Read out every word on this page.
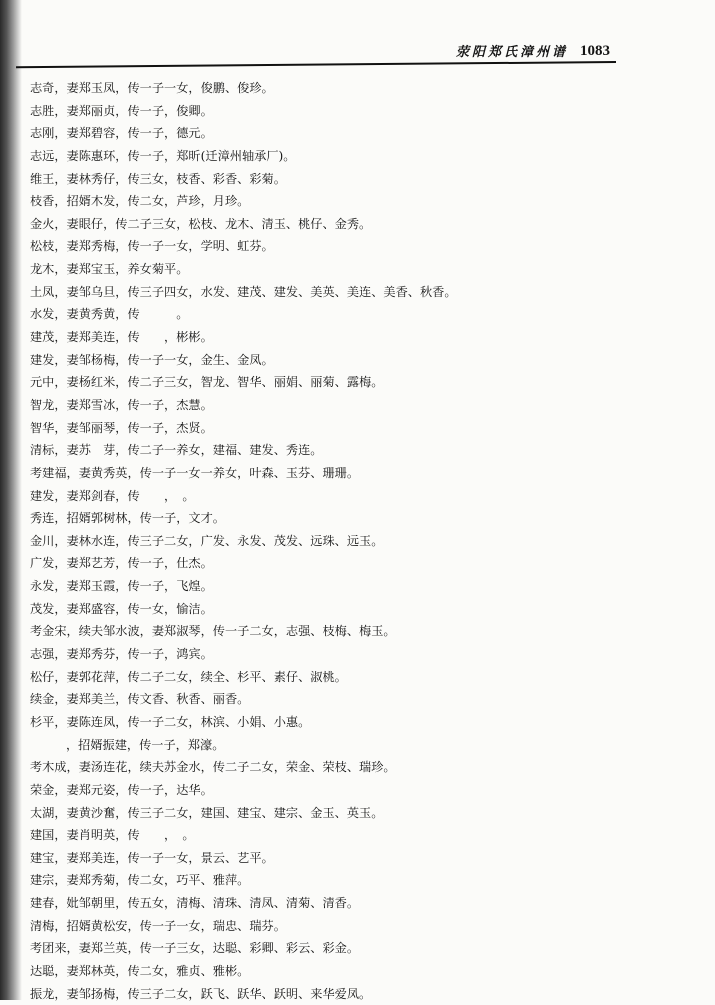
荥阳郑氏漳州谱 1083
志奇，妻郑玉凤，传一子一女，俊鹏、俊珍。
志胜，妻郑丽贞，传一子，俊卿。
志刚，妻郑碧容，传一子，德元。
志远，妻陈惠环，传一子，郑昕(迁漳州轴承厂)。
维王，妻林秀仔，传三女，枝香、彩香、彩菊。
枝香，招婿木发，传二女，芦珍，月珍。
金火，妻眼仔，传二子三女，松枝、龙木、清玉、桃仔、金秀。
松枝，妻郑秀梅，传一子一女，学明、虹芬。
龙木，妻郑宝玉，养女菊平。
土凤，妻邹乌旦，传三子四女，水发、建茂、建发、美英、美连、美香、秋香。
水发，妻黄秀黄，传　　　。
建茂，妻郑美连，传　　，彬彬。
建发，妻邹杨梅，传一子一女，金生、金凤。
元中，妻杨红米，传二子三女，智龙、智华、丽娟、丽菊、露梅。
智龙，妻郑雪冰，传一子，杰慧。
智华，妻邹丽琴，传一子，杰贤。
清标，妻苏　芽，传二子一养女，建福、建发、秀连。
考建福，妻黄秀英，传一子一女一养女，叶森、玉芬、珊珊。
建发，妻郑剑春，传　　，　。
秀连，招婿郭树林，传一子，文才。
金川，妻林水连，传三子二女，广发、永发、茂发、远珠、远玉。
广发，妻郑艺芳，传一子，仕杰。
永发，妻郑玉霞，传一子，飞煌。
茂发，妻郑盛容，传一女，愉洁。
考金宋，续夫邹水波，妻郑淑琴，传一子二女，志强、枝梅、梅玉。
志强，妻郑秀芬，传一子，鸿宾。
松仔，妻郭花萍，传二子二女，续全、杉平、素仔、淑桃。
续金，妻郑美兰，传文香、秋香、丽香。
杉平，妻陈连凤，传一子二女，林滨、小娟、小惠。
，招婿振建，传一子，郑濠。
考木成，妻汤连花，续夫苏金水，传二子二女，荣金、荣枝、瑞珍。
荣金，妻郑元姿，传一子，达华。
太湖，妻黄沙奮，传三子二女，建国、建宝、建宗、金玉、英玉。
建国，妻肖明英，传　　，　。
建宝，妻郑美连，传一子一女，景云、艺平。
建宗，妻郑秀菊，传二女，巧平、雅萍。
建春，妣邹朝里，传五女，清梅、清珠、清凤、清菊、清香。
清梅，招婿黄松安，传一子一女，瑞忠、瑞芬。
考团来，妻郑兰英，传一子三女，达聪、彩卿、彩云、彩金。
达聪，妻郑林英，传二女，雅贞、雅彬。
振龙，妻邹扬梅，传三子二女，跃飞、跃华、跃明、来华爱凤。
